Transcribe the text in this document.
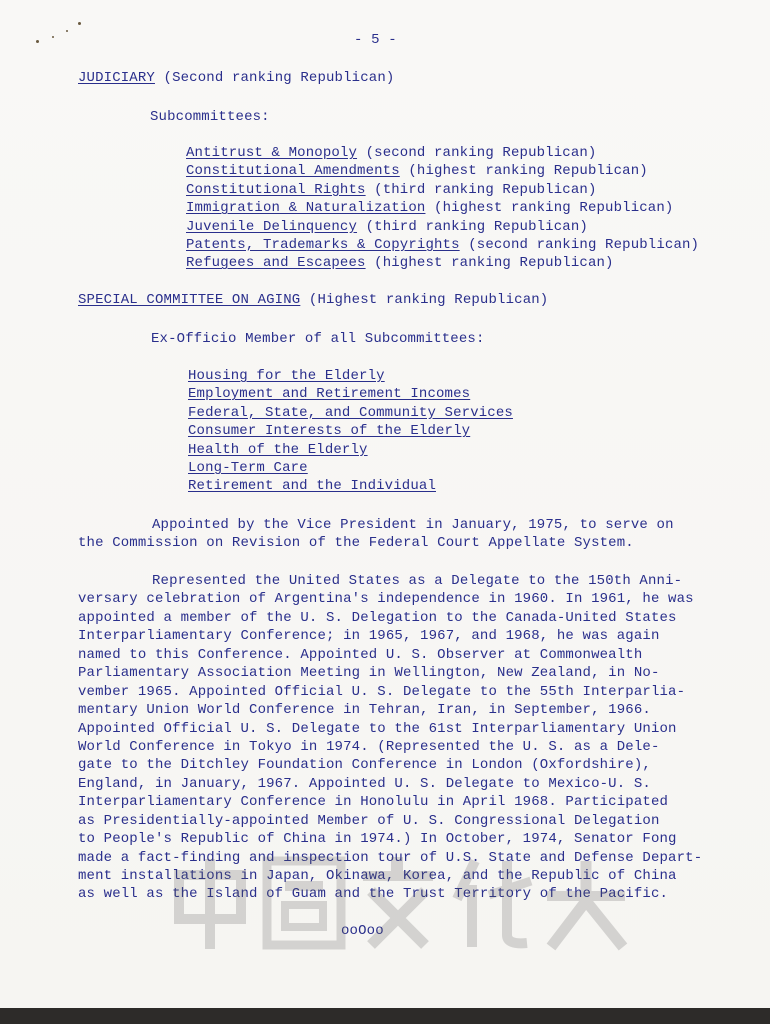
- 5 -
JUDICIARY (Second ranking Republican)
Subcommittees:
Antitrust & Monopoly (second ranking Republican)
Constitutional Amendments (highest ranking Republican)
Constitutional Rights (third ranking Republican)
Immigration & Naturalization (highest ranking Republican)
Juvenile Delinquency (third ranking Republican)
Patents, Trademarks & Copyrights (second ranking Republican)
Refugees and Escapees (highest ranking Republican)
SPECIAL COMMITTEE ON AGING (Highest ranking Republican)
Ex-Officio Member of all Subcommittees:
Housing for the Elderly
Employment and Retirement Incomes
Federal, State, and Community Services
Consumer Interests of the Elderly
Health of the Elderly
Long-Term Care
Retirement and the Individual
Appointed by the Vice President in January, 1975, to serve on
the Commission on Revision of the Federal Court Appellate System.
Represented the United States as a Delegate to the 150th Anni-
versary celebration of Argentina's independence in 1960. In 1961, he was
appointed a member of the U. S. Delegation to the Canada-United States
Interparliamentary Conference; in 1965, 1967, and 1968, he was again
named to this Conference. Appointed U. S. Observer at Commonwealth
Parliamentary Association Meeting in Wellington, New Zealand, in No-
vember 1965. Appointed Official U. S. Delegate to the 55th Interparlia-
mentary Union World Conference in Tehran, Iran, in September, 1966.
Appointed Official U. S. Delegate to the 61st Interparliamentary Union
World Conference in Tokyo in 1974. (Represented the U. S. as a Dele-
gate to the Ditchley Foundation Conference in London (Oxfordshire),
England, in January, 1967. Appointed U. S. Delegate to Mexico-U. S.
Interparliamentary Conference in Honolulu in April 1968. Participated
as Presidentially-appointed Member of U. S. Congressional Delegation
to People's Republic of China in 1974.) In October, 1974, Senator Fong
made a fact-finding and inspection tour of U.S. State and Defense Depart-
ment installations in Japan, Okinawa, Korea, and the Republic of China
as well as the Island of Guam and the Trust Territory of the Pacific.
ooOoo
